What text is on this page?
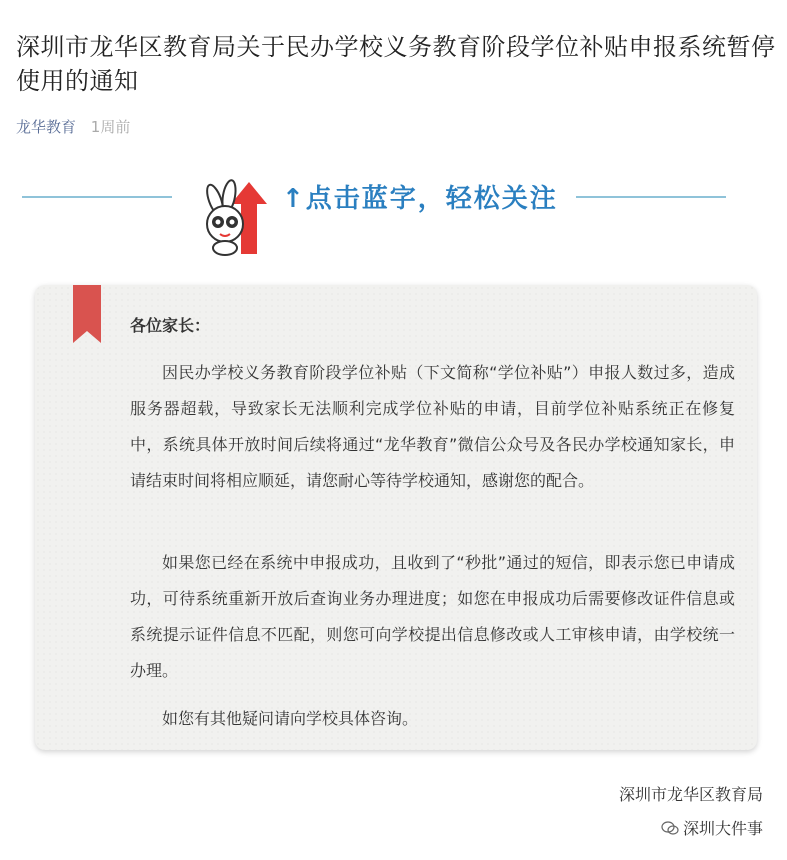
深圳市龙华区教育局关于民办学校义务教育阶段学位补贴申报系统暂停使用的通知
龙华教育 1周前
↑点击蓝字，轻松关注
各位家长：

因民办学校义务教育阶段学位补贴（下文简称“学位补贴”）申报人数过多，造成服务器超载，导致家长无法顺利完成学位补贴的申请，目前学位补贴系统正在修复中，系统具体开放时间后续将通过“龙华教育”微信公众号及各民办学校通知家长，申请结束时间将相应顺延，请您耐心等待学校通知，感谢您的配合。

如果您已经在系统中申报成功，且收到了“秒批”通过的短信，即表示您已申请成功，可待系统重新开放后查询业务办理进度；如您在申报成功后需要修改证件信息或系统提示证件信息不匹配，则您可向学校提出信息修改或人工审核申请，由学校统一办理。

如您有其他疑问请向学校具体咨询。

深圳市龙华区教育局
深圳大件事
